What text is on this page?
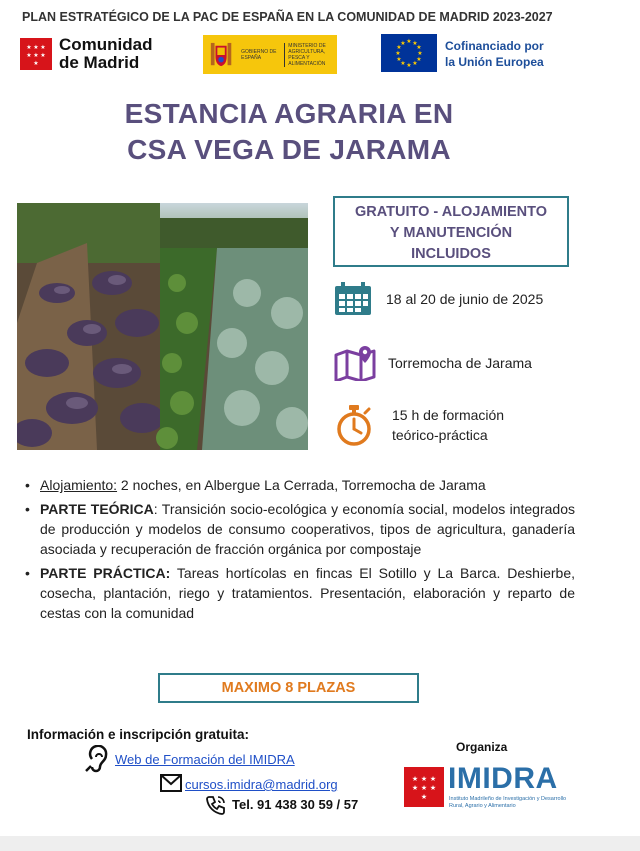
PLAN ESTRATÉGICO DE LA PAC DE ESPAÑA EN LA COMUNIDAD DE MADRID 2023-2027
★ ★ ★
★ ★ ★
★
Comunidad
de Madrid
GOBIERNO DE ESPAÑA
MINISTERIO DE AGRICULTURA, PESCA Y ALIMENTACIÓN
★ ★
★
★
★
★
★
★
★
★
★
★	Cofinanciado por
la Unión Europea
ESTANCIA AGRARIA EN
CSA VEGA DE JARAMA
GRATUITO - ALOJAMIENTO
Y MANUTENCIÓN
INCLUIDOS
18 al 20 de junio de 2025
Torremocha de Jarama
15 h de formación
teórico-práctica
• Alojamiento: 2 noches, en Albergue La Cerrada, Torremocha de Jarama
• PARTE TEÓRICA: Transición socio-ecológica y economía social, modelos integrados de producción y modelos de consumo cooperativos, tipos de agricultura, ganadería asociada y recuperación de fracción orgánica por compostaje
• PARTE PRÁCTICA: Tareas hortícolas en fincas El Sotillo y La Barca. Deshierbe, cosecha, plantación, riego y tratamientos. Presentación, elaboración y reparto de cestas con la comunidad
MAXIMO 8 PLAZAS
Información e inscripción gratuita:
Web de Formación del IMIDRA
cursos.imidra@madrid.org
Tel. 91 438 30 59 / 57
Organiza
★ ★ ★
★ ★ ★
★
IMIDRA
Instituto Madrileño de Investigación y Desarrollo Rural, Agrario y Alimentario
